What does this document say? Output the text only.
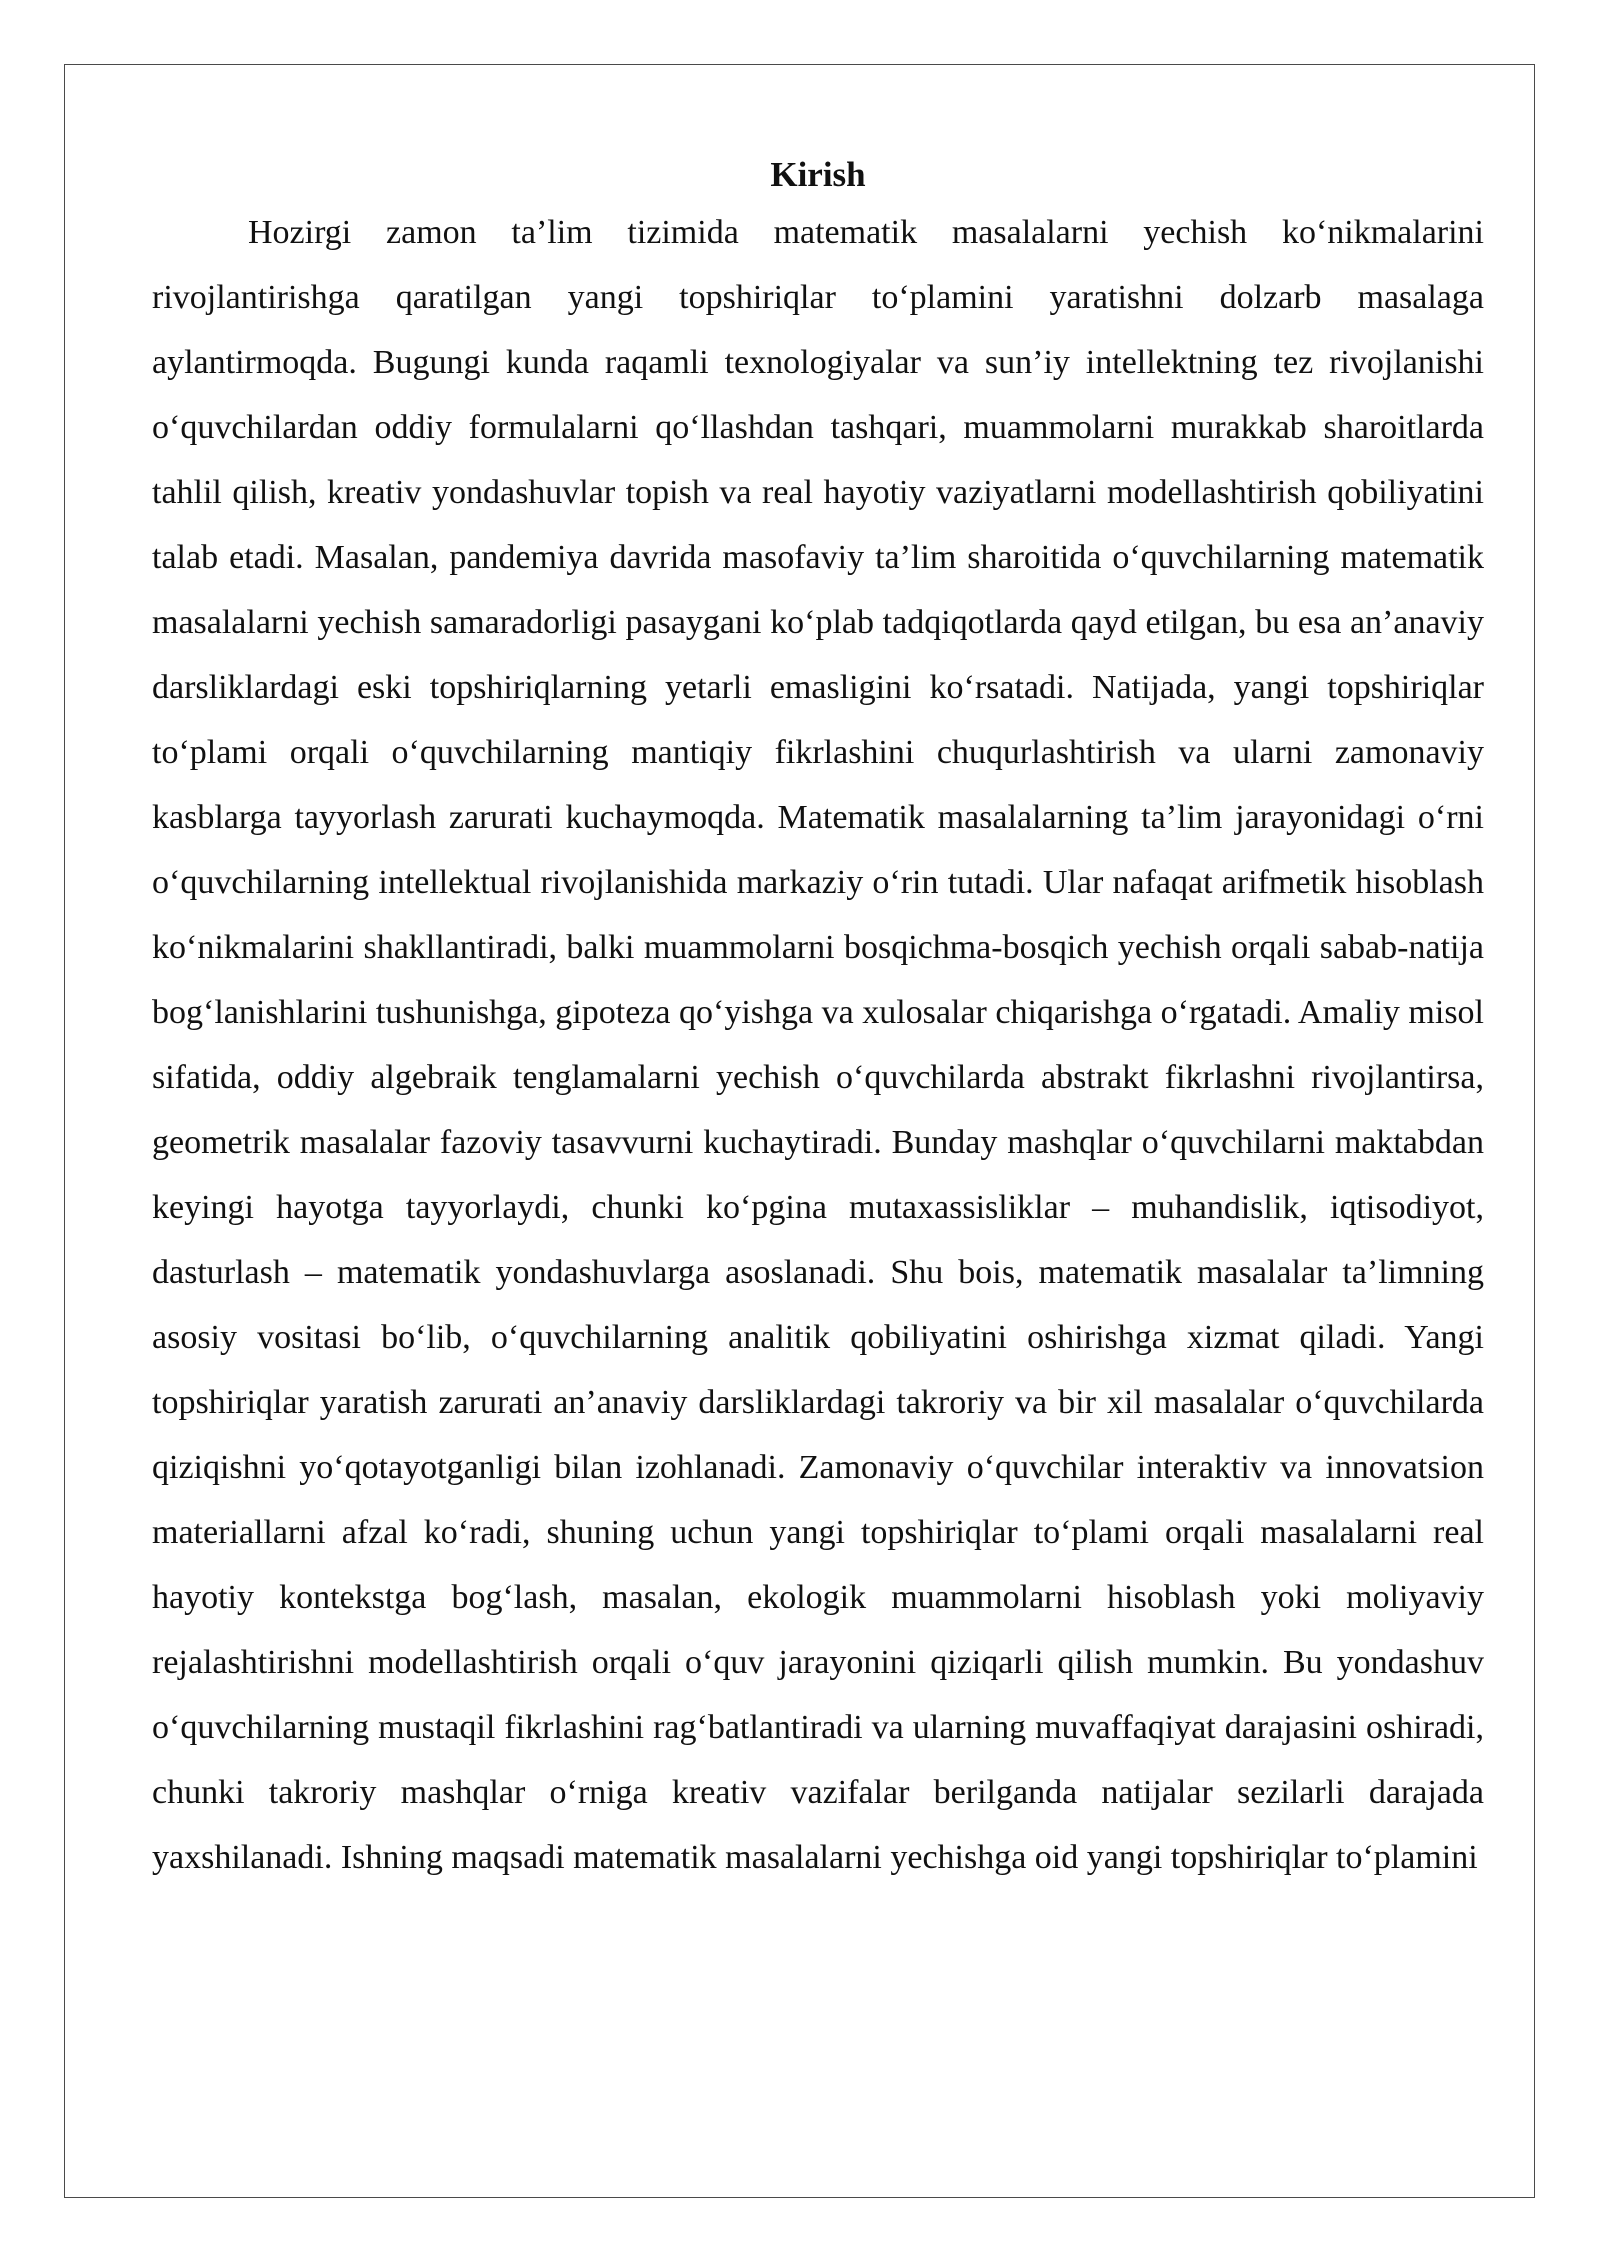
Kirish

Hozirgi zamon ta’lim tizimida matematik masalalarni yechish ko‘nikmalarini rivojlantirishga qaratilgan yangi topshiriqlar to‘plamini yaratishni dolzarb masalaga aylantirmoqda. Bugungi kunda raqamli texnologiyalar va sun’iy intellektning tez rivojlanishi o‘quvchilardan oddiy formulalarni qo‘llashdan tashqari, muammolarni murakkab sharoitlarda tahlil qilish, kreativ yondashuvlar topish va real hayotiy vaziyatlarni modellashtirish qobiliyatini talab etadi. Masalan, pandemiya davrida masofaviy ta’lim sharoitida o‘quvchilarning matematik masalalarni yechish samaradorligi pasaygani ko‘plab tadqiqotlarda qayd etilgan, bu esa an’anaviy darsliklardagi eski topshiriqlarning yetarli emasligini ko‘rsatadi. Natijada, yangi topshiriqlar to‘plami orqali o‘quvchilarning mantiqiy fikrlashini chuqurlashtirish va ularni zamonaviy kasblarga tayyorlash zarurati kuchaymoqda. Matematik masalalarning ta’lim jarayonidagi o‘rni o‘quvchilarning intellektual rivojlanishida markaziy o‘rin tutadi. Ular nafaqat arifmetik hisoblash ko‘nikmalarini shakllantiradi, balki muammolarni bosqichma-bosqich yechish orqali sabab-natija bog‘lanishlarini tushunishga, gipoteza qo‘yishga va xulosalar chiqarishga o‘rgatadi. Amaliy misol sifatida, oddiy algebraik tenglamalarni yechish o‘quvchilarda abstrakt fikrlashni rivojlantirsa, geometrik masalalar fazoviy tasavvurni kuchaytiradi. Bunday mashqlar o‘quvchilarni maktabdan keyingi hayotga tayyorlaydi, chunki ko‘pgina mutaxassisliklar – muhandislik, iqtisodiyot, dasturlash – matematik yondashuvlarga asoslanadi. Shu bois, matematik masalalar ta’limning asosiy vositasi bo‘lib, o‘quvchilarning analitik qobiliyatini oshirishga xizmat qiladi. Yangi topshiriqlar yaratish zarurati an’anaviy darsliklardagi takroriy va bir xil masalalar o‘quvchilarda qiziqishni yo‘qotayotganligi bilan izohlanadi. Zamonaviy o‘quvchilar interaktiv va innovatsion materiallarni afzal ko‘radi, shuning uchun yangi topshiriqlar to‘plami orqali masalalarni real hayotiy kontekstga bog‘lash, masalan, ekologik muammolarni hisoblash yoki moliyaviy rejalashtirishni modellashtirish orqali o‘quv jarayonini qiziqarli qilish mumkin. Bu yondashuv o‘quvchilarning mustaqil fikrlashini rag‘batlantiradi va ularning muvaffaqiyat darajasini oshiradi, chunki takroriy mashqlar o‘rniga kreativ vazifalar berilganda natijalar sezilarli darajada yaxshilanadi. Ishning maqsadi matematik masalalarni yechishga oid yangi topshiriqlar to‘plamini
